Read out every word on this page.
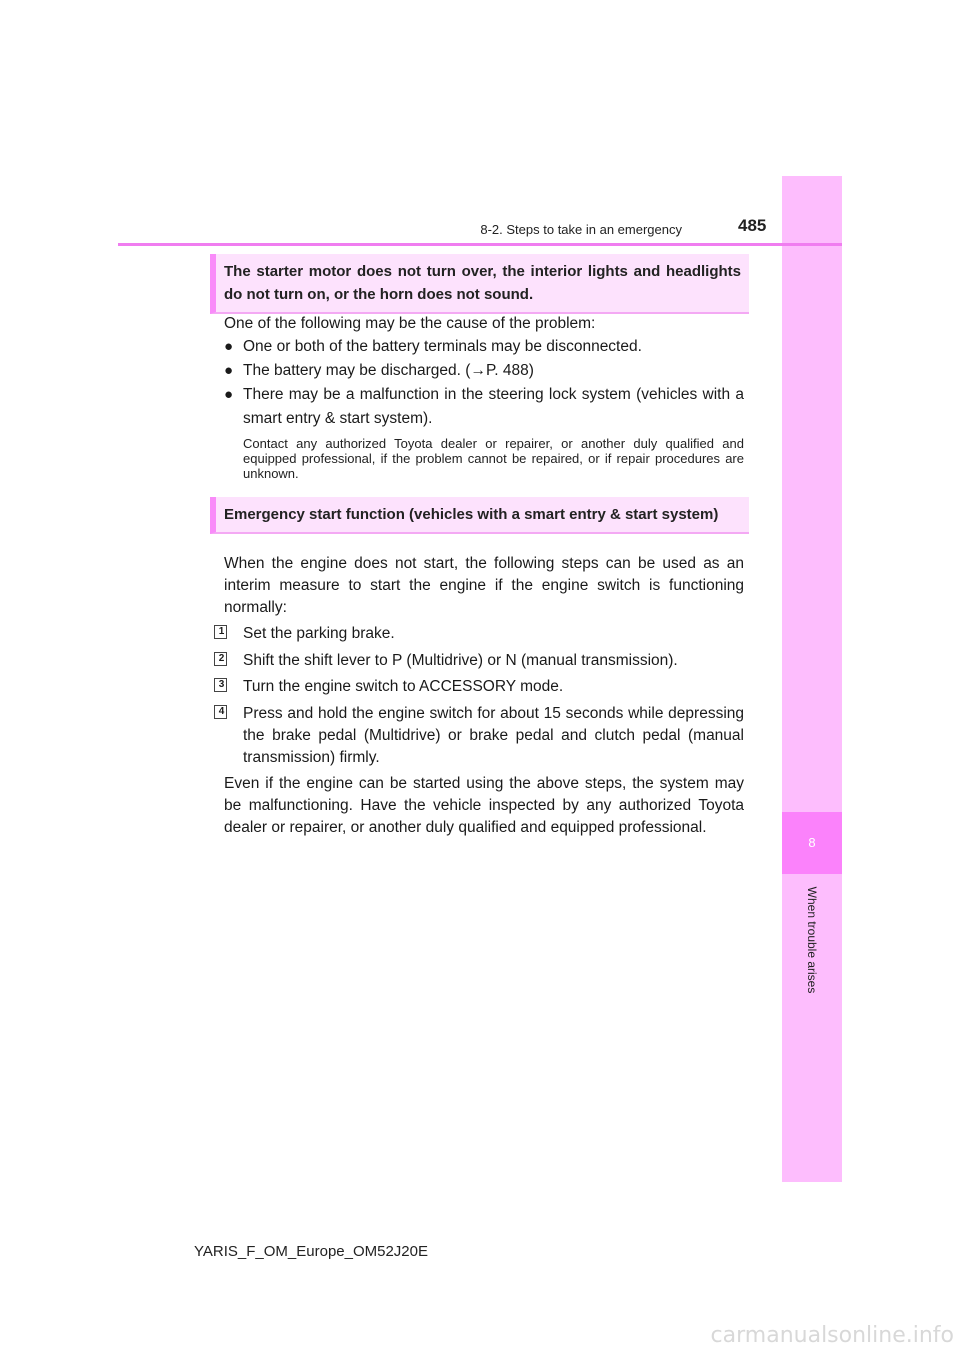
8
When trouble arises
8-2. Steps to take in an emergency	485
The starter motor does not turn over, the interior lights and headlights do not turn on, or the horn does not sound.
One of the following may be the cause of the problem:
● One or both of the battery terminals may be disconnected.
● The battery may be discharged. (→P. 488)
● There may be a malfunction in the steering lock system (vehicles with a smart entry & start system).
Contact any authorized Toyota dealer or repairer, or another duly qualified and equipped professional, if the problem cannot be repaired, or if repair procedures are unknown.
Emergency start function (vehicles with a smart entry & start system)
When the engine does not start, the following steps can be used as an interim measure to start the engine if the engine switch is functioning normally:
1 Set the parking brake.
2 Shift the shift lever to P (Multidrive) or N (manual transmission).
3 Turn the engine switch to ACCESSORY mode.
4 Press and hold the engine switch for about 15 seconds while depressing the brake pedal (Multidrive) or brake pedal and clutch pedal (manual transmission) firmly.
Even if the engine can be started using the above steps, the system may be malfunctioning. Have the vehicle inspected by any authorized Toyota dealer or repairer, or another duly qualified and equipped professional.
YARIS_F_OM_Europe_OM52J20E
carmanualsonline.info
